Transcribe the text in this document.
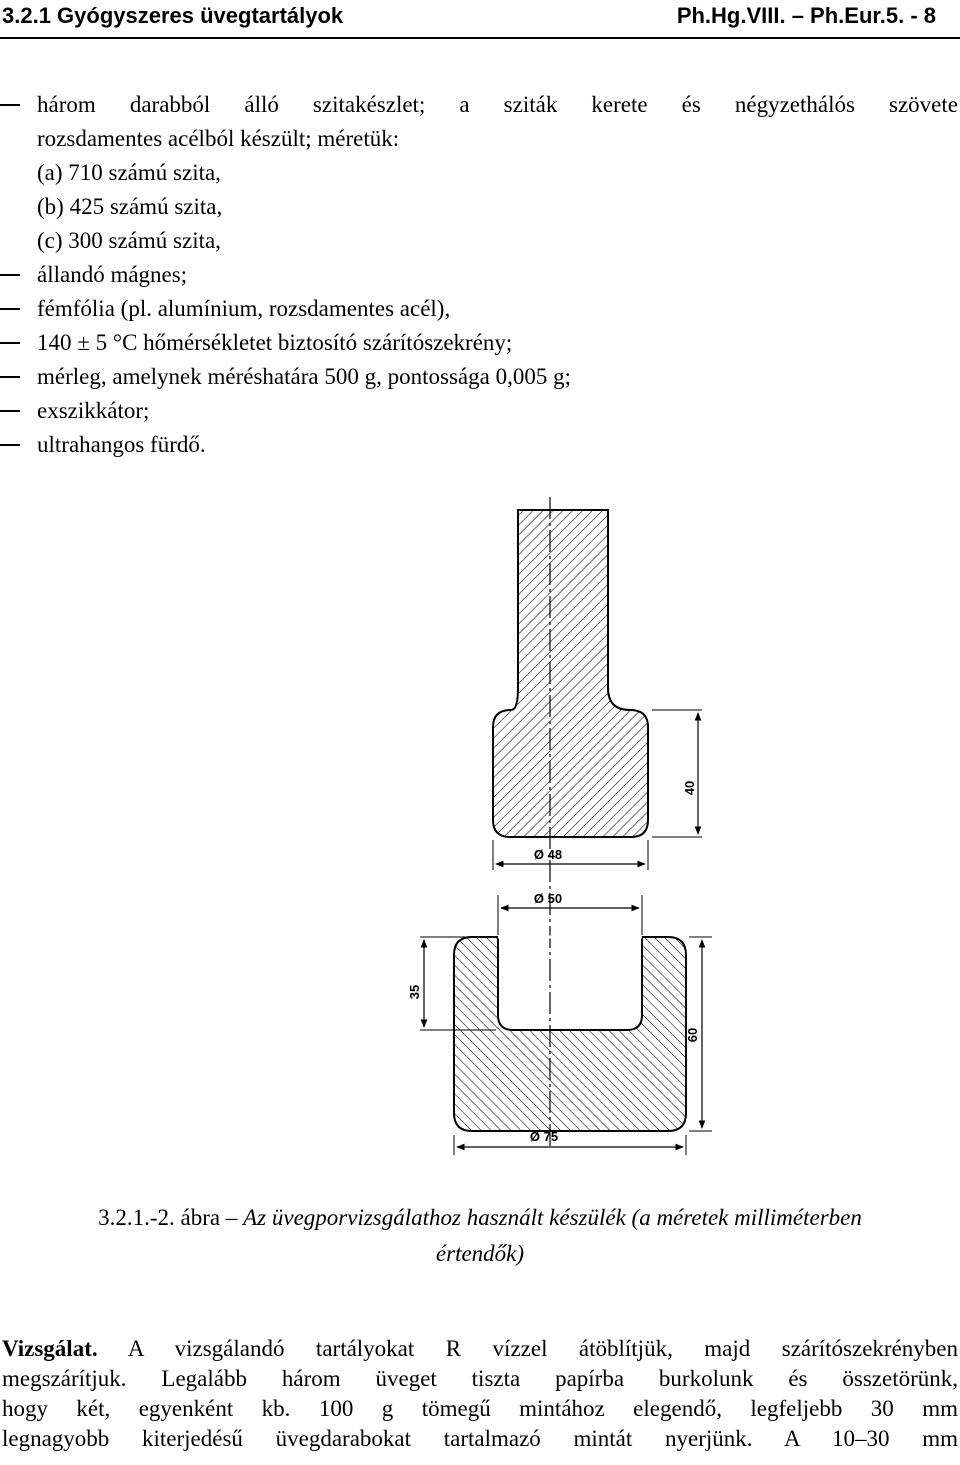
3.2.1 Gyógyszeres üvegtartályok	Ph.Hg.VIII. – Ph.Eur.5. - 8
három darabból álló szitakészlet; a sziták kerete és négyzethálós szövete
rozsdamentes acélból készült; méretük:
(a) 710 számú szita,
(b) 425 számú szita,
(c) 300 számú szita,
állandó mágnes;
fémfólia (pl. alumínium, rozsdamentes acél),
140 ± 5 °C hőmérsékletet biztosító szárítószekrény;
mérleg, amelynek méréshatára 500 g, pontossága 0,005 g;
exszikkátor;
ultrahangos fürdő.
40
Ø 48
Ø 50
35
60
Ø 75
3.2.1.-2. ábra – Az üvegporvizsgálathoz használt készülék (a méretek milliméterben
értendők)
Vizsgálat. A vizsgálandó tartályokat R vízzel átöblítjük, majd szárítószekrényben
megszárítjuk. Legalább három üveget tiszta papírba burkolunk és összetörünk,
hogy két, egyenként kb. 100 g tömegű mintához elegendő, legfeljebb 30 mm
legnagyobb kiterjedésű üvegdarabokat tartalmazó mintát nyerjünk. A 10–30 mm
